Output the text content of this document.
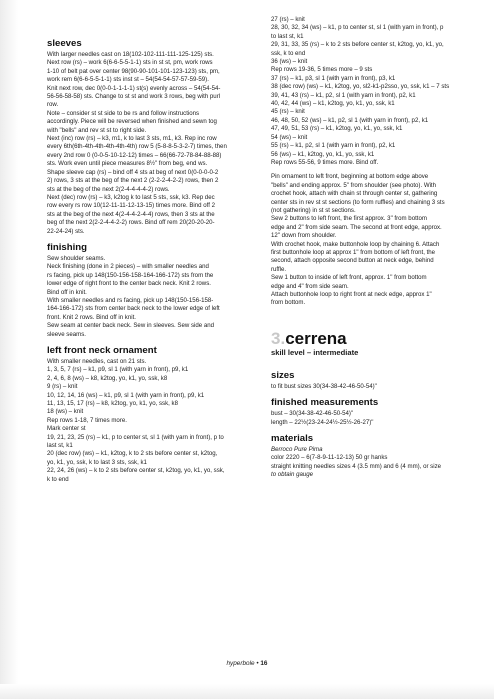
sleeves

With larger needles cast on 18(102-102-111-111-125-125) sts.

Next row (rs) – work 6(6-6-5-5-1-1) sts in st st, pm, work rows

1-10 of belt pat over center 98(90-90-101-101-123-123) sts, pm,

work rem 6(6-6-5-5-1-1) sts inst st – 54(54-54-57-57-59-59).

Knit next row, dec 0(0-0-1-1-1-1) st(s) evenly across – 54(54-54-

56-56-58-58) sts. Change to st st and work 3 rows, beg with purl

row.

Note – consider st st side to be rs and follow instructions

accordingly. Piece will be reversed when finished and sewn tog

with "bells" and rev st st to right side.

Next (inc) row (rs) – k3, m1, k to last 3 sts, m1, k3. Rep inc row

every 6th(6th-4th-4th-4th-4th-4th) row 5 (5-8-8-5-3-2-7) times, then

every 2nd row 0 (0-0-5-10-12-12) times – 66(66-72-78-84-88-88)

sts. Work even until piece measures 8½" from beg, end ws.

Shape sleeve cap (rs) – bind off 4 sts at beg of next 0(0-0-0-0-2

2) rows, 3 sts at the beg of the next 2 (2-2-2-4-2-2) rows, then 2

sts at the beg of the next 2(2-4-4-4-4-2) rows.

Next (dec) row (rs) – k3, k2tog k to last 5 sts, ssk, k3. Rep dec

row every rs row 10(12-11-11-12-13-15) times more. Bind off 2

sts at the beg of the next 4(2-4-4-2-4-4) rows, then 3 sts at the

beg of the next 2(2-2-4-4-2-2) rows. Bind off rem 20(20-20-20-

22-24-24) sts.

finishing

Sew shoulder seams.

Neck finishing (done in 2 pieces) – with smaller needles and

rs facing, pick up 148(150-156-158-164-166-172) sts from the

lower edge of right front to the center back neck. Knit 2 rows.

Bind off in knit.

With smaller needles and rs facing, pick up 148(150-156-158-

164-166-172) sts from center back neck to the lower edge of left

front. Knit 2 rows. Bind off in knit.

Sew seam at center back neck. Sew in sleeves. Sew side and

sleeve seams.

left front neck ornament

With smaller needles, cast on 21 sts.

1, 3, 5, 7 (rs) – k1, p9, sl 1 (with yarn in front), p9, k1

2, 4, 6, 8 (ws) – k8, k2tog, yo, k1, yo, ssk, k8

9 (rs) – knit

10, 12, 14, 16 (ws) – k1, p9, sl 1 (with yarn in front), p9, k1

11, 13, 15, 17 (rs) – k8, k2tog, yo, k1, yo, ssk, k8

18 (ws) – knit

Rep rows 1-18, 7 times more.

Mark center st

19, 21, 23, 25 (rs) – k1, p to center st, sl 1 (with yarn in front), p to

last st, k1

20 (dec row) (ws) – k1, k2tog, k to 2 sts before center st, k2tog,

yo, k1, yo, ssk, k to last 3 sts, ssk, k1

22, 24, 26 (ws) – k to 2 sts before center st, k2tog, yo, k1, yo, ssk,

k to end

27 (rs) – knit

28, 30, 32, 34 (ws) – k1, p to center st, sl 1 (with yarn in front), p

to last st, k1

29, 31, 33, 35 (rs) – k to 2 sts before center st, k2tog, yo, k1, yo,

ssk, k to end

36 (ws) – knit

Rep rows 19-36, 5 times more – 9 sts

37 (rs) – k1, p3, sl 1 (with yarn in front), p3, k1

38 (dec row) (ws) – k1, k2tog, yo, sl2-k1-p2sso, yo, ssk, k1 – 7 sts

39, 41, 43 (rs) – k1, p2, sl 1 (with yarn in front), p2, k1

40, 42, 44 (ws) – k1, k2tog, yo, k1, yo, ssk, k1

45 (rs) – knit

46, 48, 50, 52 (ws) – k1, p2, sl 1 (with yarn in front), p2, k1

47, 49, 51, 53 (rs) – k1, k2tog, yo, k1, yo, ssk, k1

54 (ws) – knit

55 (rs) – k1, p2, sl 1 (with yarn in front), p2, k1

56 (ws) – k1, k2tog, yo, k1, yo, ssk, k1

Rep rows 55-56, 9 times more. Bind off.

Pin ornament to left front, beginning at bottom edge above

"bells" and ending approx. 5" from shoulder (see photo). With

crochet hook, attach with chain st through center st, gathering

center sts in rev st st sections (to form ruffles) and chaining 3 sts

(not gathering) in st st sections.

Sew 2 buttons to left front, the first approx. 3" from bottom

edge and 2" from side seam. The second at front edge, approx.

12" down from shoulder.

With crochet hook, make buttonhole loop by chaining 6. Attach

first buttonhole loop at approx 1" from bottom of left front, the

second, attach opposite second button at neck edge, behind

ruffle.

Sew 1 button to inside of left front, approx. 1" from bottom

edge and 4" from side seam.

Attach buttonhole loop to right front at neck edge, approx 1"

from bottom.

3. cerrena

skill level – intermediate

sizes

to fit bust sizes 30(34-38-42-46-50-54)"

finished measurements

bust – 30(34-38-42-46-50-54)"

length – 22½(23-24-24½-25½-26-27)"

materials

Berroco Pure Pima

color 2220 – 6(7-8-9-11-12-13) 50 gr hanks

straight knitting needles sizes 4 (3.5 mm) and 6 (4 mm), or size

to obtain gauge

hyperbole • 16
